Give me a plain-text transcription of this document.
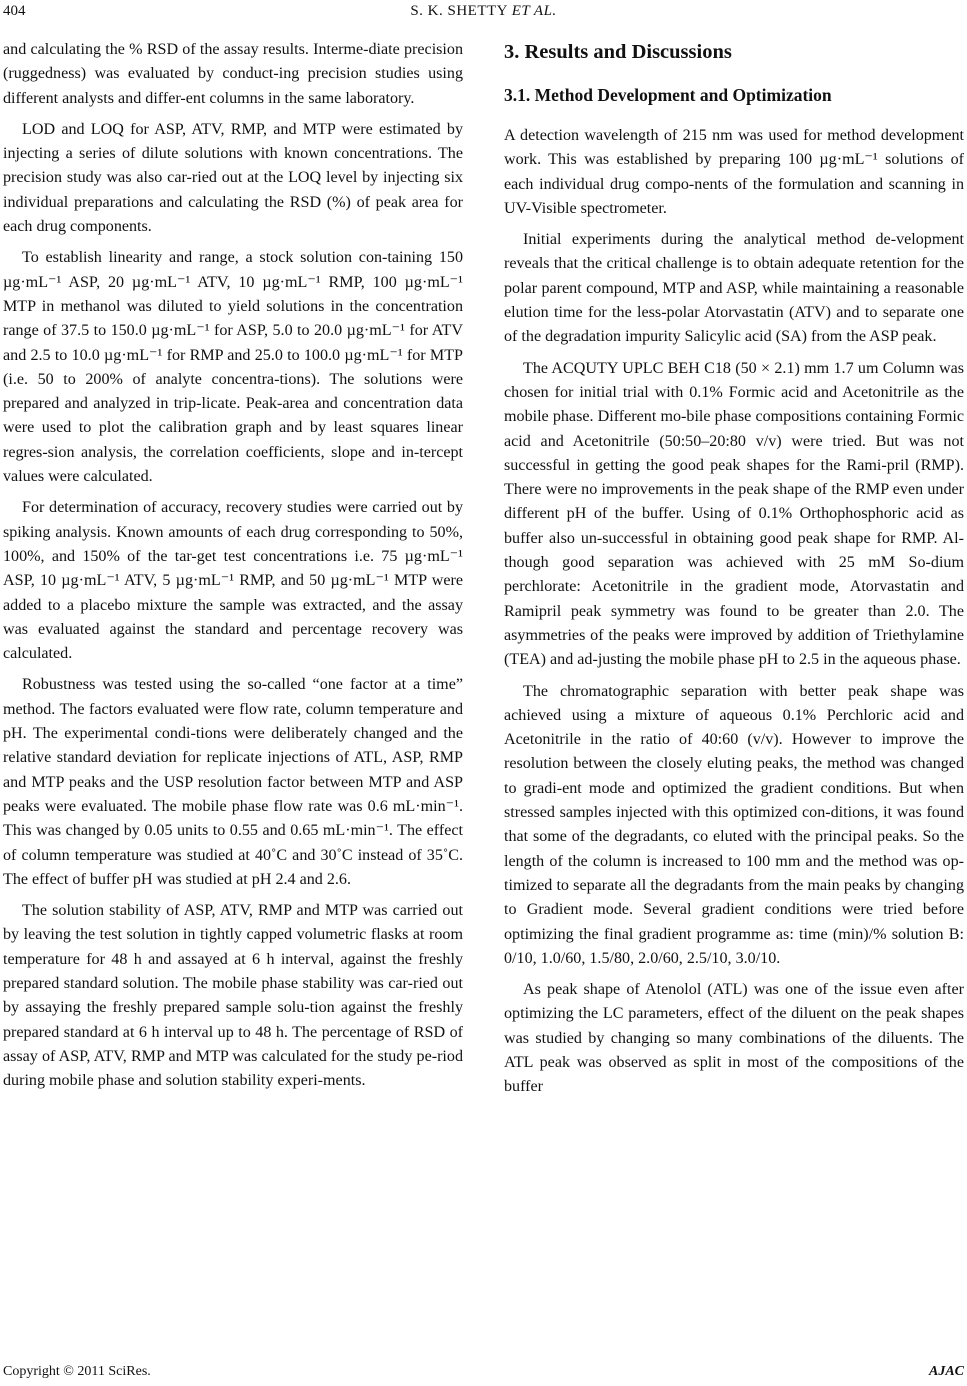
404	S. K. SHETTY ET AL.

and calculating the % RSD of the assay results. Interme-diate precision (ruggedness) was evaluated by conduct-ing precision studies using different analysts and differ-ent columns in the same laboratory.

LOD and LOQ for ASP, ATV, RMP, and MTP were estimated by injecting a series of dilute solutions with known concentrations. The precision study was also car-ried out at the LOQ level by injecting six individual preparations and calculating the RSD (%) of peak area for each drug components.

To establish linearity and range, a stock solution con-taining 150 µg·mL⁻¹ ASP, 20 µg·mL⁻¹ ATV, 10 µg·mL⁻¹ RMP, 100 µg·mL⁻¹ MTP in methanol was diluted to yield solutions in the concentration range of 37.5 to 150.0 µg·mL⁻¹ for ASP, 5.0 to 20.0 µg·mL⁻¹ for ATV and 2.5 to 10.0 µg·mL⁻¹ for RMP and 25.0 to 100.0 µg·mL⁻¹ for MTP (i.e. 50 to 200% of analyte concentra-tions). The solutions were prepared and analyzed in trip-licate. Peak-area and concentration data were used to plot the calibration graph and by least squares linear regres-sion analysis, the correlation coefficients, slope and in-tercept values were calculated.

For determination of accuracy, recovery studies were carried out by spiking analysis. Known amounts of each drug corresponding to 50%, 100%, and 150% of the tar-get test concentrations i.e. 75 µg·mL⁻¹ ASP, 10 µg·mL⁻¹ ATV, 5 µg·mL⁻¹ RMP, and 50 µg·mL⁻¹ MTP were added to a placebo mixture the sample was extracted, and the assay was evaluated against the standard and percentage recovery was calculated.

Robustness was tested using the so-called “one factor at a time” method. The factors evaluated were flow rate, column temperature and pH. The experimental condi-tions were deliberately changed and the relative standard deviation for replicate injections of ATL, ASP, RMP and MTP peaks and the USP resolution factor between MTP and ASP peaks were evaluated. The mobile phase flow rate was 0.6 mL·min⁻¹. This was changed by 0.05 units to 0.55 and 0.65 mL·min⁻¹. The effect of column temperature was studied at 40˚C and 30˚C instead of 35˚C. The effect of buffer pH was studied at pH 2.4 and 2.6.

The solution stability of ASP, ATV, RMP and MTP was carried out by leaving the test solution in tightly capped volumetric flasks at room temperature for 48 h and assayed at 6 h interval, against the freshly prepared standard solution. The mobile phase stability was car-ried out by assaying the freshly prepared sample solu-tion against the freshly prepared standard at 6 h interval up to 48 h. The percentage of RSD of assay of ASP, ATV, RMP and MTP was calculated for the study pe-riod during mobile phase and solution stability experi-ments.

3. Results and Discussions
3.1. Method Development and Optimization

A detection wavelength of 215 nm was used for method development work. This was established by preparing 100 µg·mL⁻¹ solutions of each individual drug compo-nents of the formulation and scanning in UV-Visible spectrometer.

Initial experiments during the analytical method de-velopment reveals that the critical challenge is to obtain adequate retention for the polar parent compound, MTP and ASP, while maintaining a reasonable elution time for the less-polar Atorvastatin (ATV) and to separate one of the degradation impurity Salicylic acid (SA) from the ASP peak.

The ACQUTY UPLC BEH C18 (50 × 2.1) mm 1.7 um Column was chosen for initial trial with 0.1% Formic acid and Acetonitrile as the mobile phase. Different mo-bile phase compositions containing Formic acid and Acetonitrile (50:50–20:80 v/v) were tried. But was not successful in getting the good peak shapes for the Rami-pril (RMP). There were no improvements in the peak shape of the RMP even under different pH of the buffer. Using of 0.1% Orthophosphoric acid as buffer also un-successful in obtaining good peak shape for RMP. Al-though good separation was achieved with 25 mM So-dium perchlorate: Acetonitrile in the gradient mode, Atorvastatin and Ramipril peak symmetry was found to be greater than 2.0. The asymmetries of the peaks were improved by addition of Triethylamine (TEA) and ad-justing the mobile phase pH to 2.5 in the aqueous phase.

The chromatographic separation with better peak shape was achieved using a mixture of aqueous 0.1% Perchloric acid and Acetonitrile in the ratio of 40:60 (v/v). However to improve the resolution between the closely eluting peaks, the method was changed to gradi-ent mode and optimized the gradient conditions. But when stressed samples injected with this optimized con-ditions, it was found that some of the degradants, co eluted with the principal peaks. So the length of the column is increased to 100 mm and the method was op-timized to separate all the degradants from the main peaks by changing to Gradient mode. Several gradient conditions were tried before optimizing the final gradient programme as: time (min)/% solution B: 0/10, 1.0/60, 1.5/80, 2.0/60, 2.5/10, 3.0/10.

As peak shape of Atenolol (ATL) was one of the issue even after optimizing the LC parameters, effect of the diluent on the peak shapes was studied by changing so many combinations of the diluents. The ATL peak was observed as split in most of the compositions of the buffer

Copyright © 2011 SciRes.	AJAC
